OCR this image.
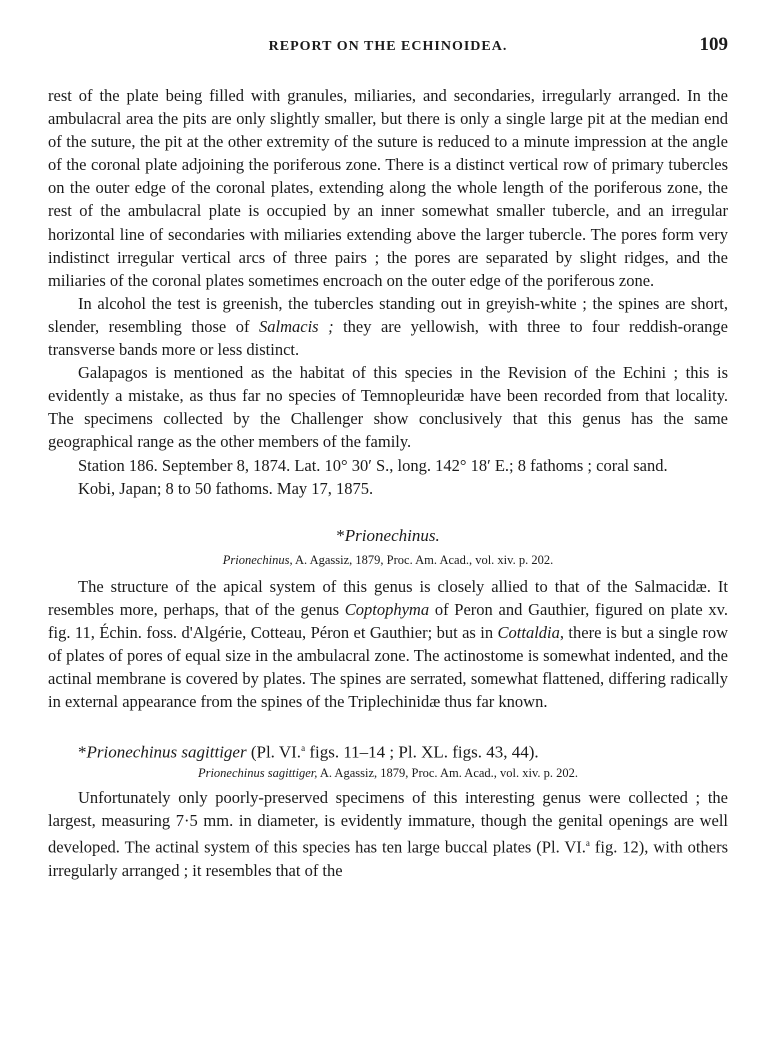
REPORT ON THE ECHINOIDEA.	109

rest of the plate being filled with granules, miliaries, and secondaries, irregularly arranged. In the ambulacral area the pits are only slightly smaller, but there is only a single large pit at the median end of the suture, the pit at the other extremity of the suture is reduced to a minute impression at the angle of the coronal plate adjoining the poriferous zone. There is a distinct vertical row of primary tubercles on the outer edge of the coronal plates, extending along the whole length of the poriferous zone, the rest of the ambulacral plate is occupied by an inner somewhat smaller tubercle, and an irregular horizontal line of secondaries with miliaries extending above the larger tubercle. The pores form very indistinct irregular vertical arcs of three pairs ; the pores are separated by slight ridges, and the miliaries of the coronal plates sometimes encroach on the outer edge of the poriferous zone.

In alcohol the test is greenish, the tubercles standing out in greyish-white ; the spines are short, slender, resembling those of Salmacis ; they are yellowish, with three to four reddish-orange transverse bands more or less distinct.

Galapagos is mentioned as the habitat of this species in the Revision of the Echini ; this is evidently a mistake, as thus far no species of Temnopleuridæ have been recorded from that locality. The specimens collected by the Challenger show conclusively that this genus has the same geographical range as the other members of the family.

Station 186. September 8, 1874. Lat. 10° 30′ S., long. 142° 18′ E.; 8 fathoms ; coral sand.

Kobi, Japan; 8 to 50 fathoms. May 17, 1875.

*Prionechinus.
Prionechinus, A. Agassiz, 1879, Proc. Am. Acad., vol. xiv. p. 202.

The structure of the apical system of this genus is closely allied to that of the Salmacidæ. It resembles more, perhaps, that of the genus Coptophyma of Peron and Gauthier, figured on plate xv. fig. 11, Échin. foss. d'Algérie, Cotteau, Péron et Gauthier; but as in Cottaldia, there is but a single row of plates of pores of equal size in the ambulacral zone. The actinostome is somewhat indented, and the actinal membrane is covered by plates. The spines are serrated, somewhat flattened, differing radically in external appearance from the spines of the Triplechinidæ thus far known.

*Prionechinus sagittiger (Pl. VI.$^a$ figs. 11–14 ; Pl. XL. figs. 43, 44).
Prionechinus sagittiger, A. Agassiz, 1879, Proc. Am. Acad., vol. xiv. p. 202.

Unfortunately only poorly-preserved specimens of this interesting genus were collected ; the largest, measuring 7·5 mm. in diameter, is evidently immature, though the genital openings are well developed. The actinal system of this species has ten large buccal plates (Pl. VI.$^a$ fig. 12), with others irregularly arranged ; it resembles that of the
